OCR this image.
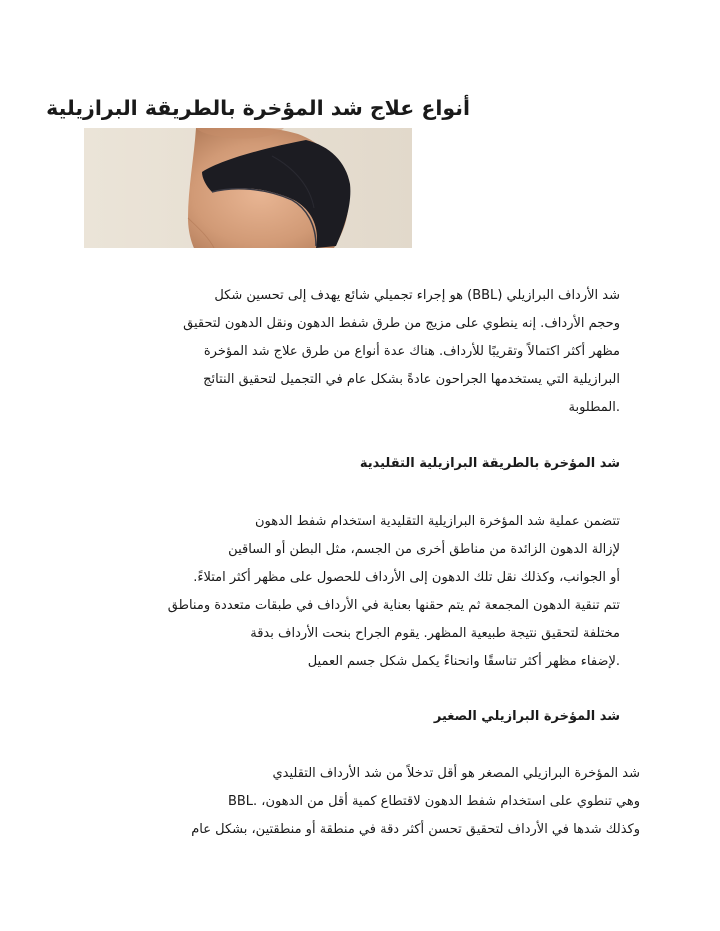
أنواع علاج شد المؤخرة بالطريقة البرازيلية
شد الأرداف البرازيلي (BBL) هو إجراء تجميلي شائع يهدف إلى تحسين شكل
وحجم الأرداف. إنه ينطوي على مزيج من طرق شفط الدهون ونقل الدهون لتحقيق
مظهر أكثر اكتمالاً وتقريبًا للأرداف. هناك عدة أنواع من طرق علاج شد المؤخرة
البرازيلية التي يستخدمها الجراحون عادةً بشكل عام في التجميل لتحقيق النتائج
.المطلوبة
شد المؤخرة بالطريقة البرازيلية التقليدية
تتضمن عملية شد المؤخرة البرازيلية التقليدية استخدام شفط الدهون
لإزالة الدهون الزائدة من مناطق أخرى من الجسم، مثل البطن أو الساقين
أو الجوانب، وكذلك نقل تلك الدهون إلى الأرداف للحصول على مظهر أكثر امتلاءً.
تتم تنقية الدهون المجمعة ثم يتم حقنها بعناية في الأرداف في طبقات متعددة ومناطق
مختلفة لتحقيق نتيجة طبيعية المظهر. يقوم الجراح بنحت الأرداف بدقة
.لإضفاء مظهر أكثر تناسقًا وانحناءً يكمل شكل جسم العميل
شد المؤخرة البرازيلي الصغير
شد المؤخرة البرازيلي المصغر هو أقل تدخلاً من شد الأرداف التقليدي
وهي تنطوي على استخدام شفط الدهون لاقتطاع كمية أقل من الدهون، .BBL
وكذلك شدها في الأرداف لتحقيق تحسن أكثر دقة في منطقة أو منطقتين، بشكل عام
